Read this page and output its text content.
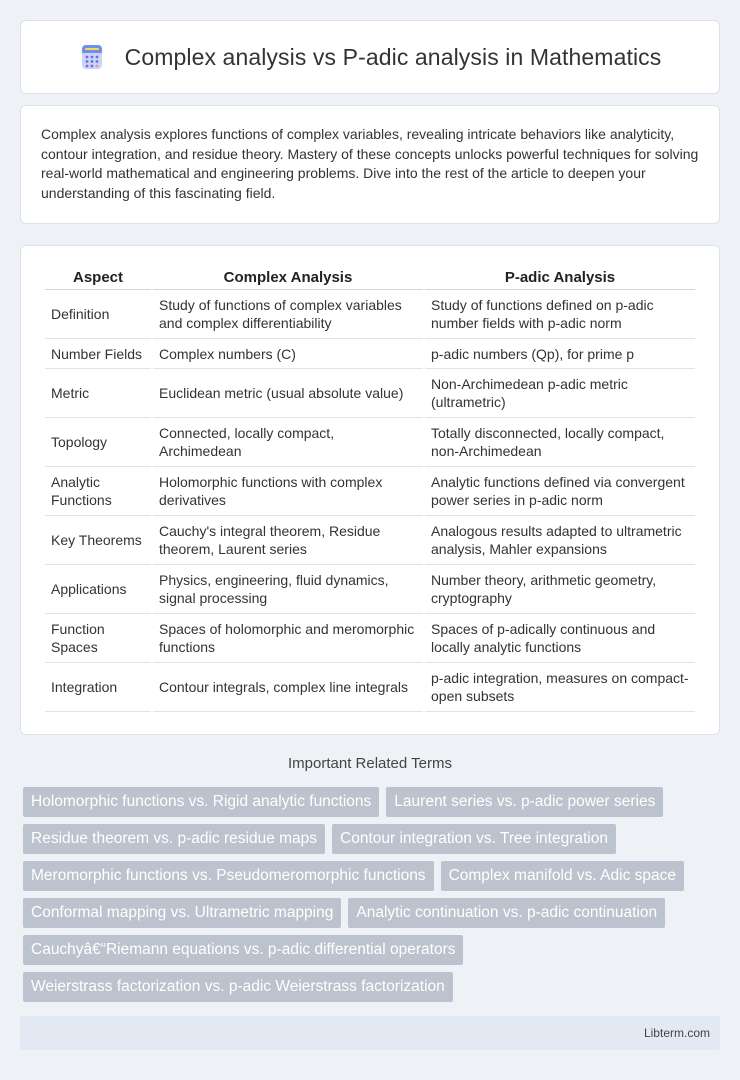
Complex analysis vs P-adic analysis in Mathematics

Complex analysis explores functions of complex variables, revealing intricate behaviors like analyticity, contour integration, and residue theory. Mastery of these concepts unlocks powerful techniques for solving real-world mathematical and engineering problems. Dive into the rest of the article to deepen your understanding of this fascinating field.

Aspect	Complex Analysis	P-adic Analysis
Definition	Study of functions of complex variables and complex differentiability	Study of functions defined on p-adic number fields with p-adic norm
Number Fields	Complex numbers (C)	p-adic numbers (Qp), for prime p
Metric	Euclidean metric (usual absolute value)	Non-Archimedean p-adic metric (ultrametric)
Topology	Connected, locally compact, Archimedean	Totally disconnected, locally compact, non-Archimedean
Analytic Functions	Holomorphic functions with complex derivatives	Analytic functions defined via convergent power series in p-adic norm
Key Theorems	Cauchy's integral theorem, Residue theorem, Laurent series	Analogous results adapted to ultrametric analysis, Mahler expansions
Applications	Physics, engineering, fluid dynamics, signal processing	Number theory, arithmetic geometry, cryptography
Function Spaces	Spaces of holomorphic and meromorphic functions	Spaces of p-adically continuous and locally analytic functions
Integration	Contour integrals, complex line integrals	p-adic integration, measures on compact-open subsets
Important Related Terms
Holomorphic functions vs. Rigid analytic functions	Laurent series vs. p-adic power series
Residue theorem vs. p-adic residue maps	Contour integration vs. Tree integration
Meromorphic functions vs. Pseudomeromorphic functions	Complex manifold vs. Adic space
Conformal mapping vs. Ultrametric mapping	Analytic continuation vs. p-adic continuation
Cauchyâ€“Riemann equations vs. p-adic differential operators
Weierstrass factorization vs. p-adic Weierstrass factorization
Libterm.com
